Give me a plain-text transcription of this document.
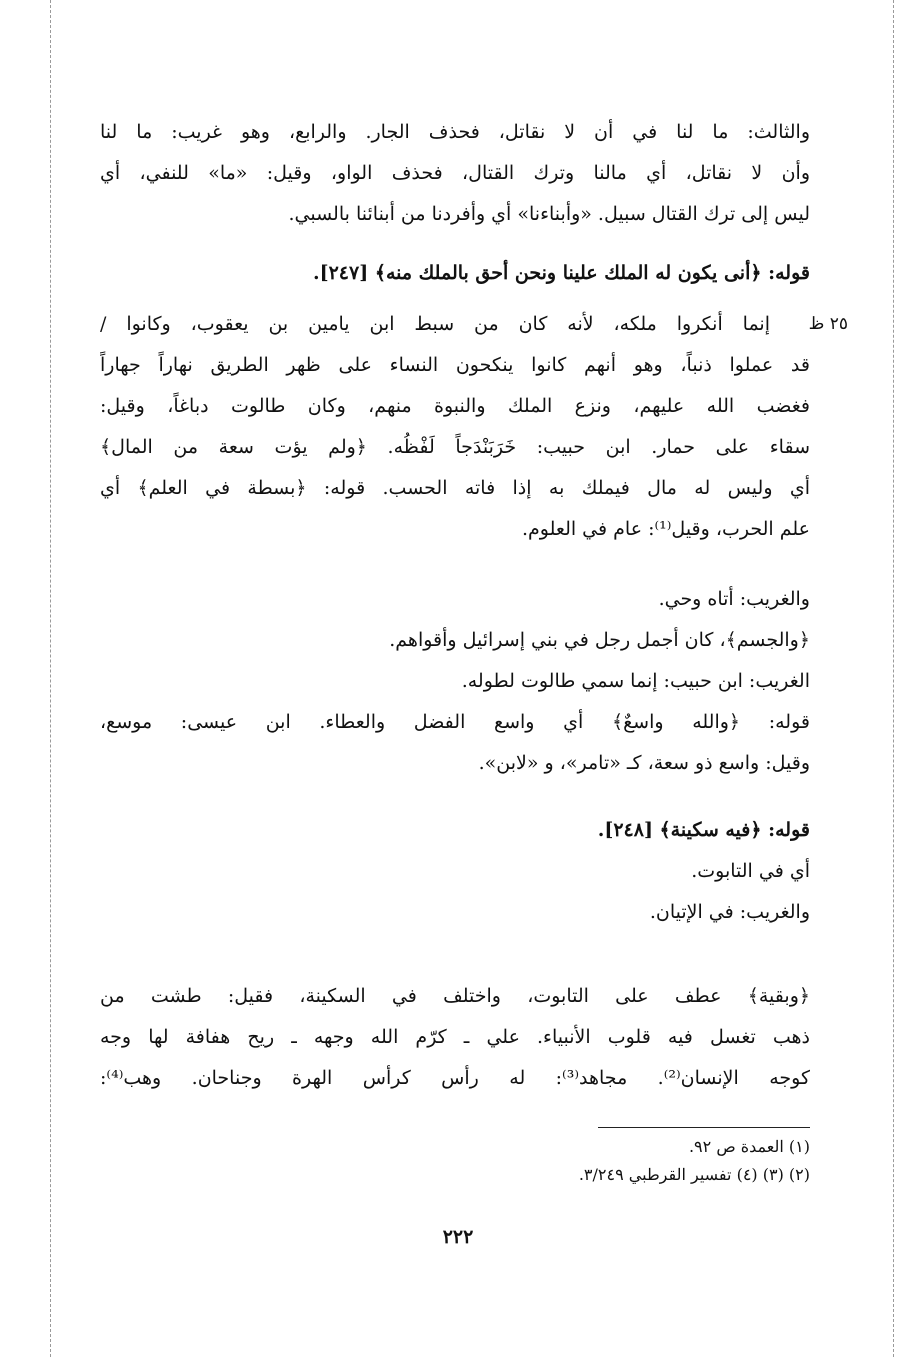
والثالث: ما لنا في أن لا نقاتل، فحذف الجار. والرابع، وهو غريب: ما لنا
وأن لا نقاتل، أي مالنا وترك القتال، فحذف الواو، وقيل: «ما» للنفي، أي
ليس إلى ترك القتال سبيل. «وأبناءنا» أي وأفردنا من أبنائنا بالسبي.
قوله: ﴿أنى يكون له الملك علينا ونحن أحق بالملك منه﴾ [٢٤٧].
٢٥ ظ
إنما أنكروا ملكه، لأنه كان من سبط ابن يامين بن يعقوب، وكانوا /
قد عملوا ذنباً، وهو أنهم كانوا ينكحون النساء على ظهر الطريق نهاراً جهاراً
فغضب الله عليهم، ونزع الملك والنبوة منهم، وكان طالوت دباغاً، وقيل:
سقاء على حمار. ابن حبيب: خَرَبَنْدَجاً لَفْظُه. ﴿ولم يؤت سعة من المال﴾
أي وليس له مال فيملك به إذا فاته الحسب. قوله: ﴿بسطة في العلم﴾ أي
علم الحرب، وقيل⁽¹⁾: عام في العلوم.
والغريب: أتاه وحي.
﴿والجسم﴾، كان أجمل رجل في بني إسرائيل وأقواهم.
الغريب: ابن حبيب: إنما سمي طالوت لطوله.
قوله: ﴿والله واسعٌ﴾ أي واسع الفضل والعطاء. ابن عيسى: موسع،
وقيل: واسع ذو سعة، كـ «تامر»، و «لابن».
قوله: ﴿فيه سكينة﴾ [٢٤٨].
أي في التابوت.
والغريب: في الإتيان.
﴿وبقية﴾ عطف على التابوت، واختلف في السكينة، فقيل: طشت من
ذهب تغسل فيه قلوب الأنبياء. علي ـ كرّم الله وجهه ـ ريح هفافة لها وجه
كوجه الإنسان⁽²⁾. مجاهد⁽³⁾: له رأس كرأس الهرة وجناحان. وهب⁽⁴⁾:
(١) العمدة ص ٩٢.
(٢) (٣) (٤) تفسير القرطبي ٣/٢٤٩.
٢٢٢
